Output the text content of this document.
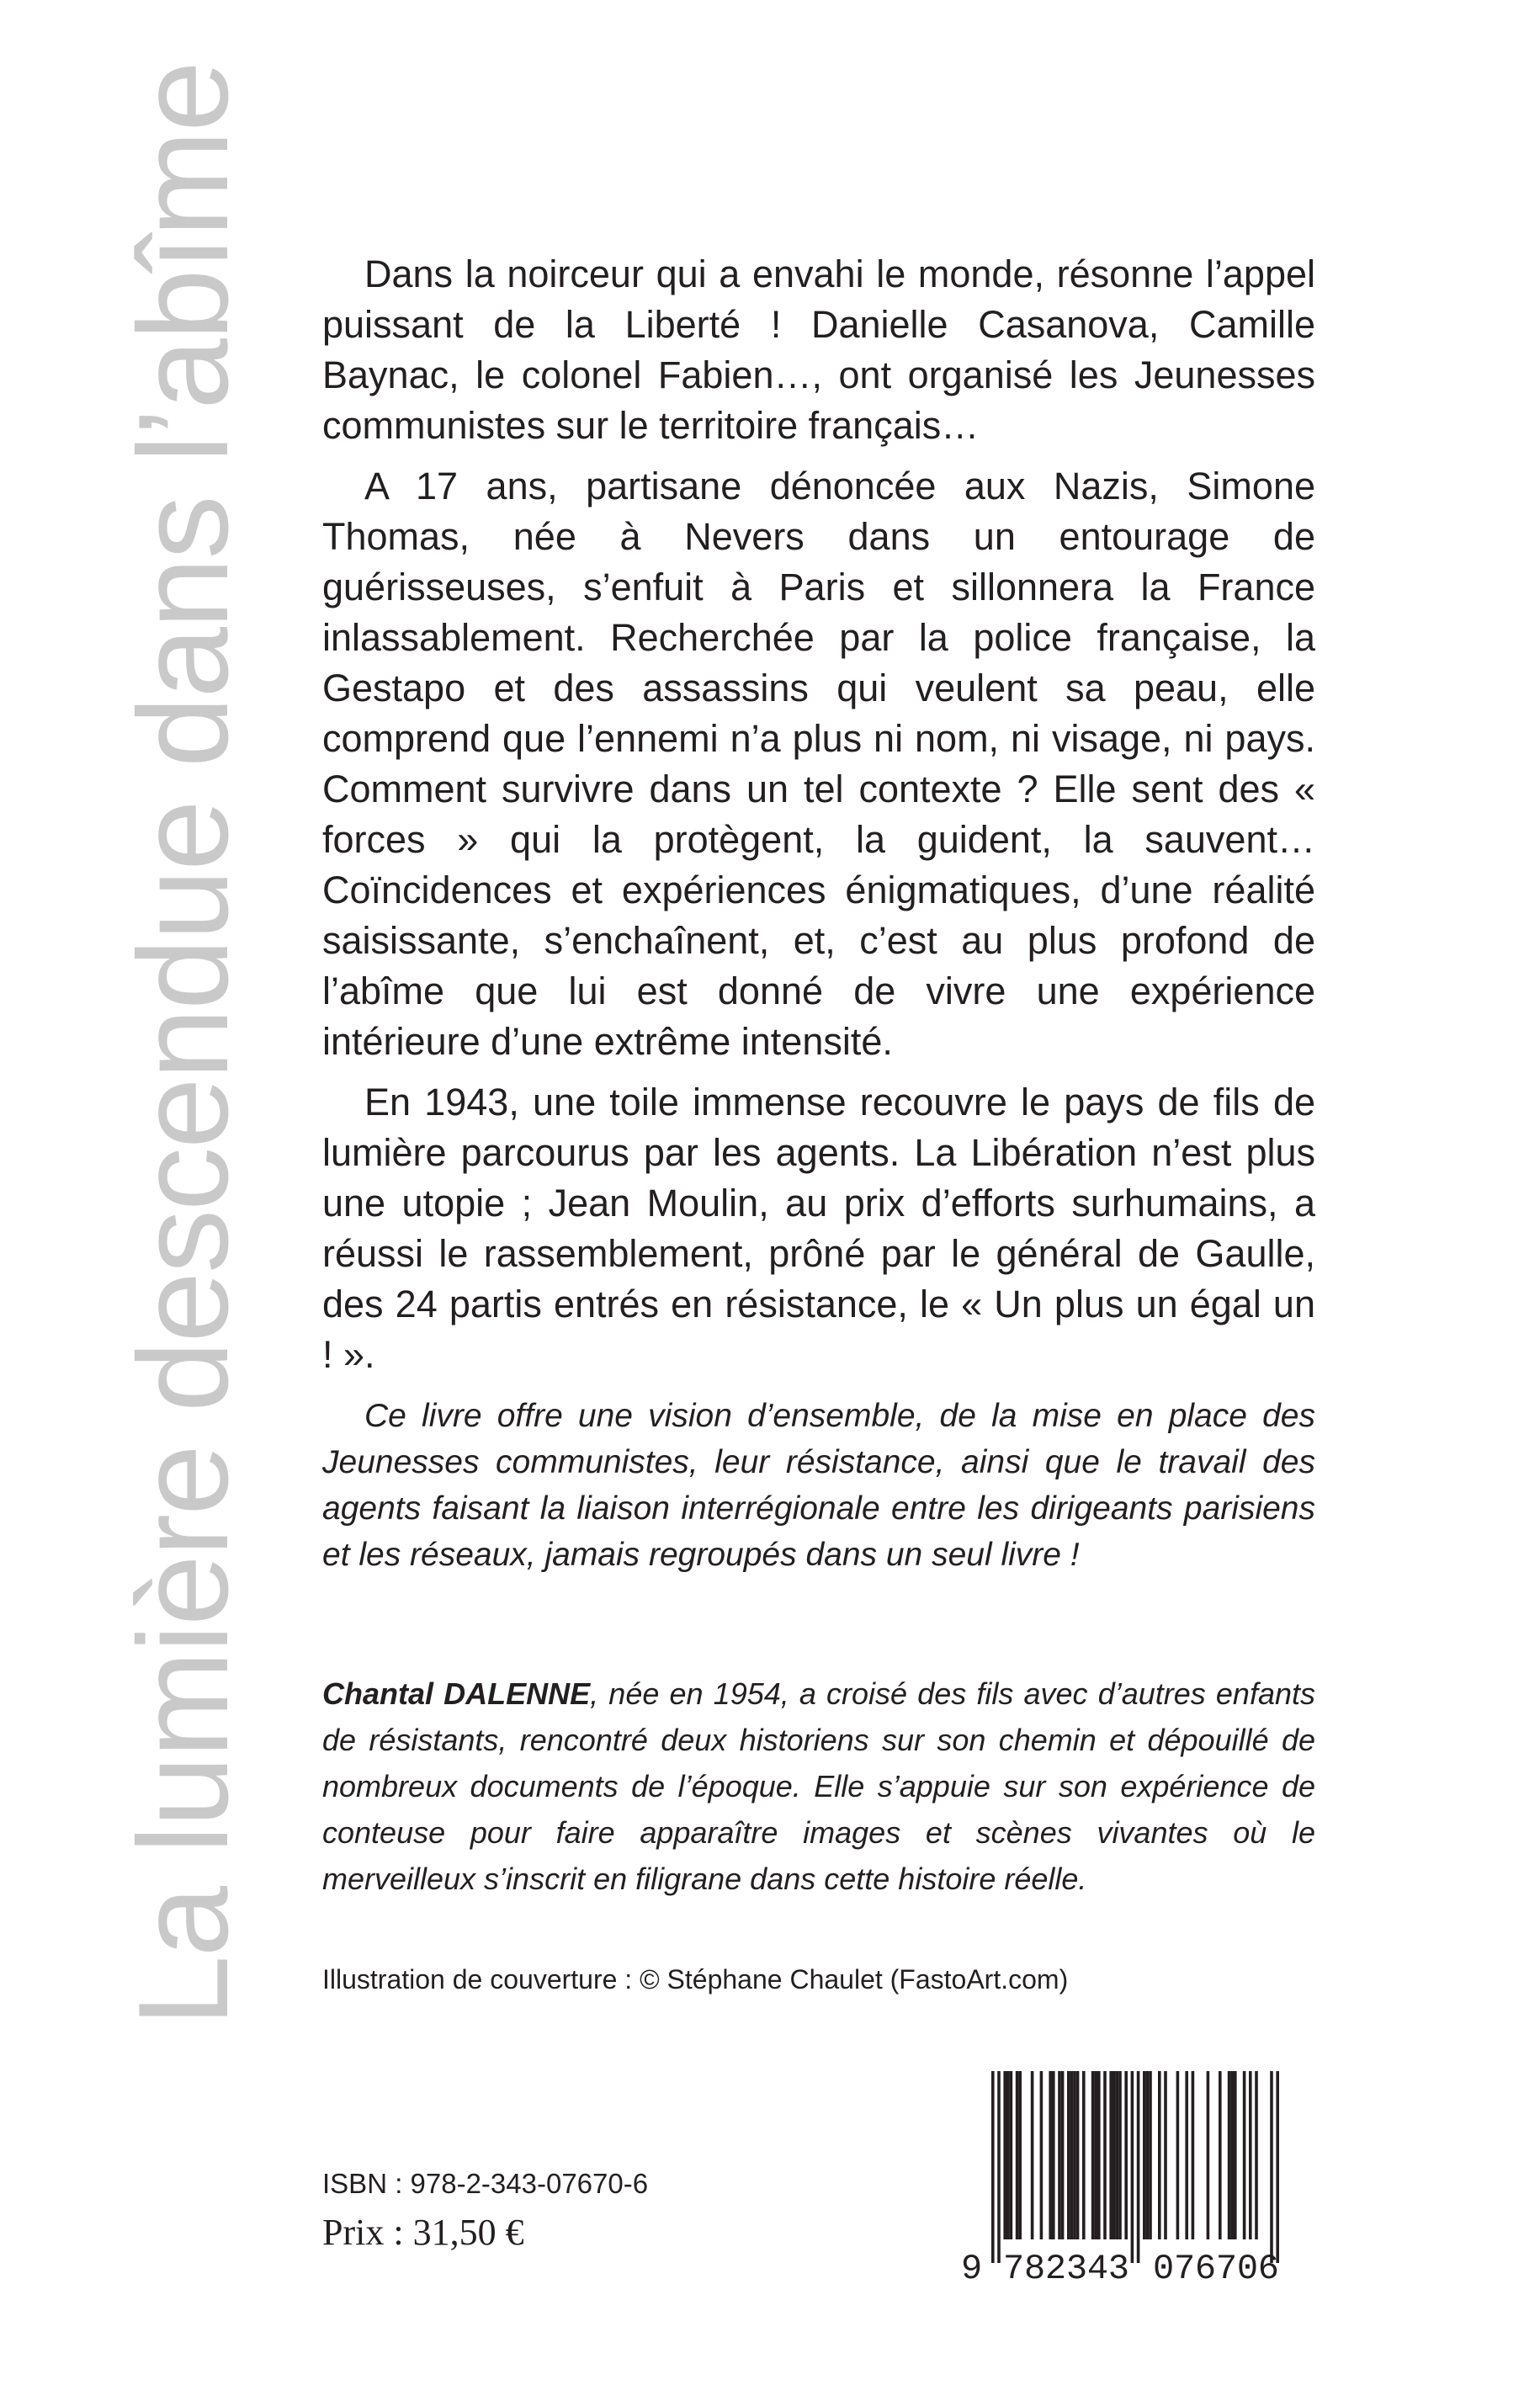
La lumière descendue dans l’abîme	Dans la noirceur qui a envahi le monde, résonne l’appel puissant de la Liberté ! Danielle Casanova, Camille Baynac, le colonel Fabien…, ont organisé les Jeunesses communistes sur le territoire français…

A 17 ans, partisane dénoncée aux Nazis, Simone Thomas, née à Nevers dans un entourage de guérisseuses, s’enfuit à Paris et sillonnera la France inlassablement. Recherchée par la police française, la Gestapo et des assassins qui veulent sa peau, elle comprend que l’ennemi n’a plus ni nom, ni visage, ni pays. Comment survivre dans un tel contexte ? Elle sent des « forces » qui la protègent, la guident, la sauvent… Coïncidences et expériences énigmatiques, d’une réalité saisissante, s’enchaînent, et, c’est au plus profond de l’abîme que lui est donné de vivre une expérience intérieure d’une extrême intensité.

En 1943, une toile immense recouvre le pays de fils de lumière parcourus par les agents. La Libération n’est plus une utopie ; Jean Moulin, au prix d’efforts surhumains, a réussi le rassemblement, prôné par le général de Gaulle, des 24 partis entrés en résistance, le « Un plus un égal un ! ».

Ce livre offre une vision d’ensemble, de la mise en place des Jeunesses communistes, leur résistance, ainsi que le travail des agents faisant la liaison interrégionale entre les dirigeants parisiens et les réseaux, jamais regroupés dans un seul livre !

Chantal DALENNE, née en 1954, a croisé des fils avec d’autres enfants de résistants, rencontré deux historiens sur son chemin et dépouillé de nombreux documents de l’époque. Elle s’appuie sur son expérience de conteuse pour faire apparaître images et scènes vivantes où le merveilleux s’inscrit en filigrane dans cette histoire réelle.

Illustration de couverture : © Stéphane Chaulet (FastoArt.com)
ISBN : 978-2-343-07670-6
Prix : 31,50 €
9 782343 076706
